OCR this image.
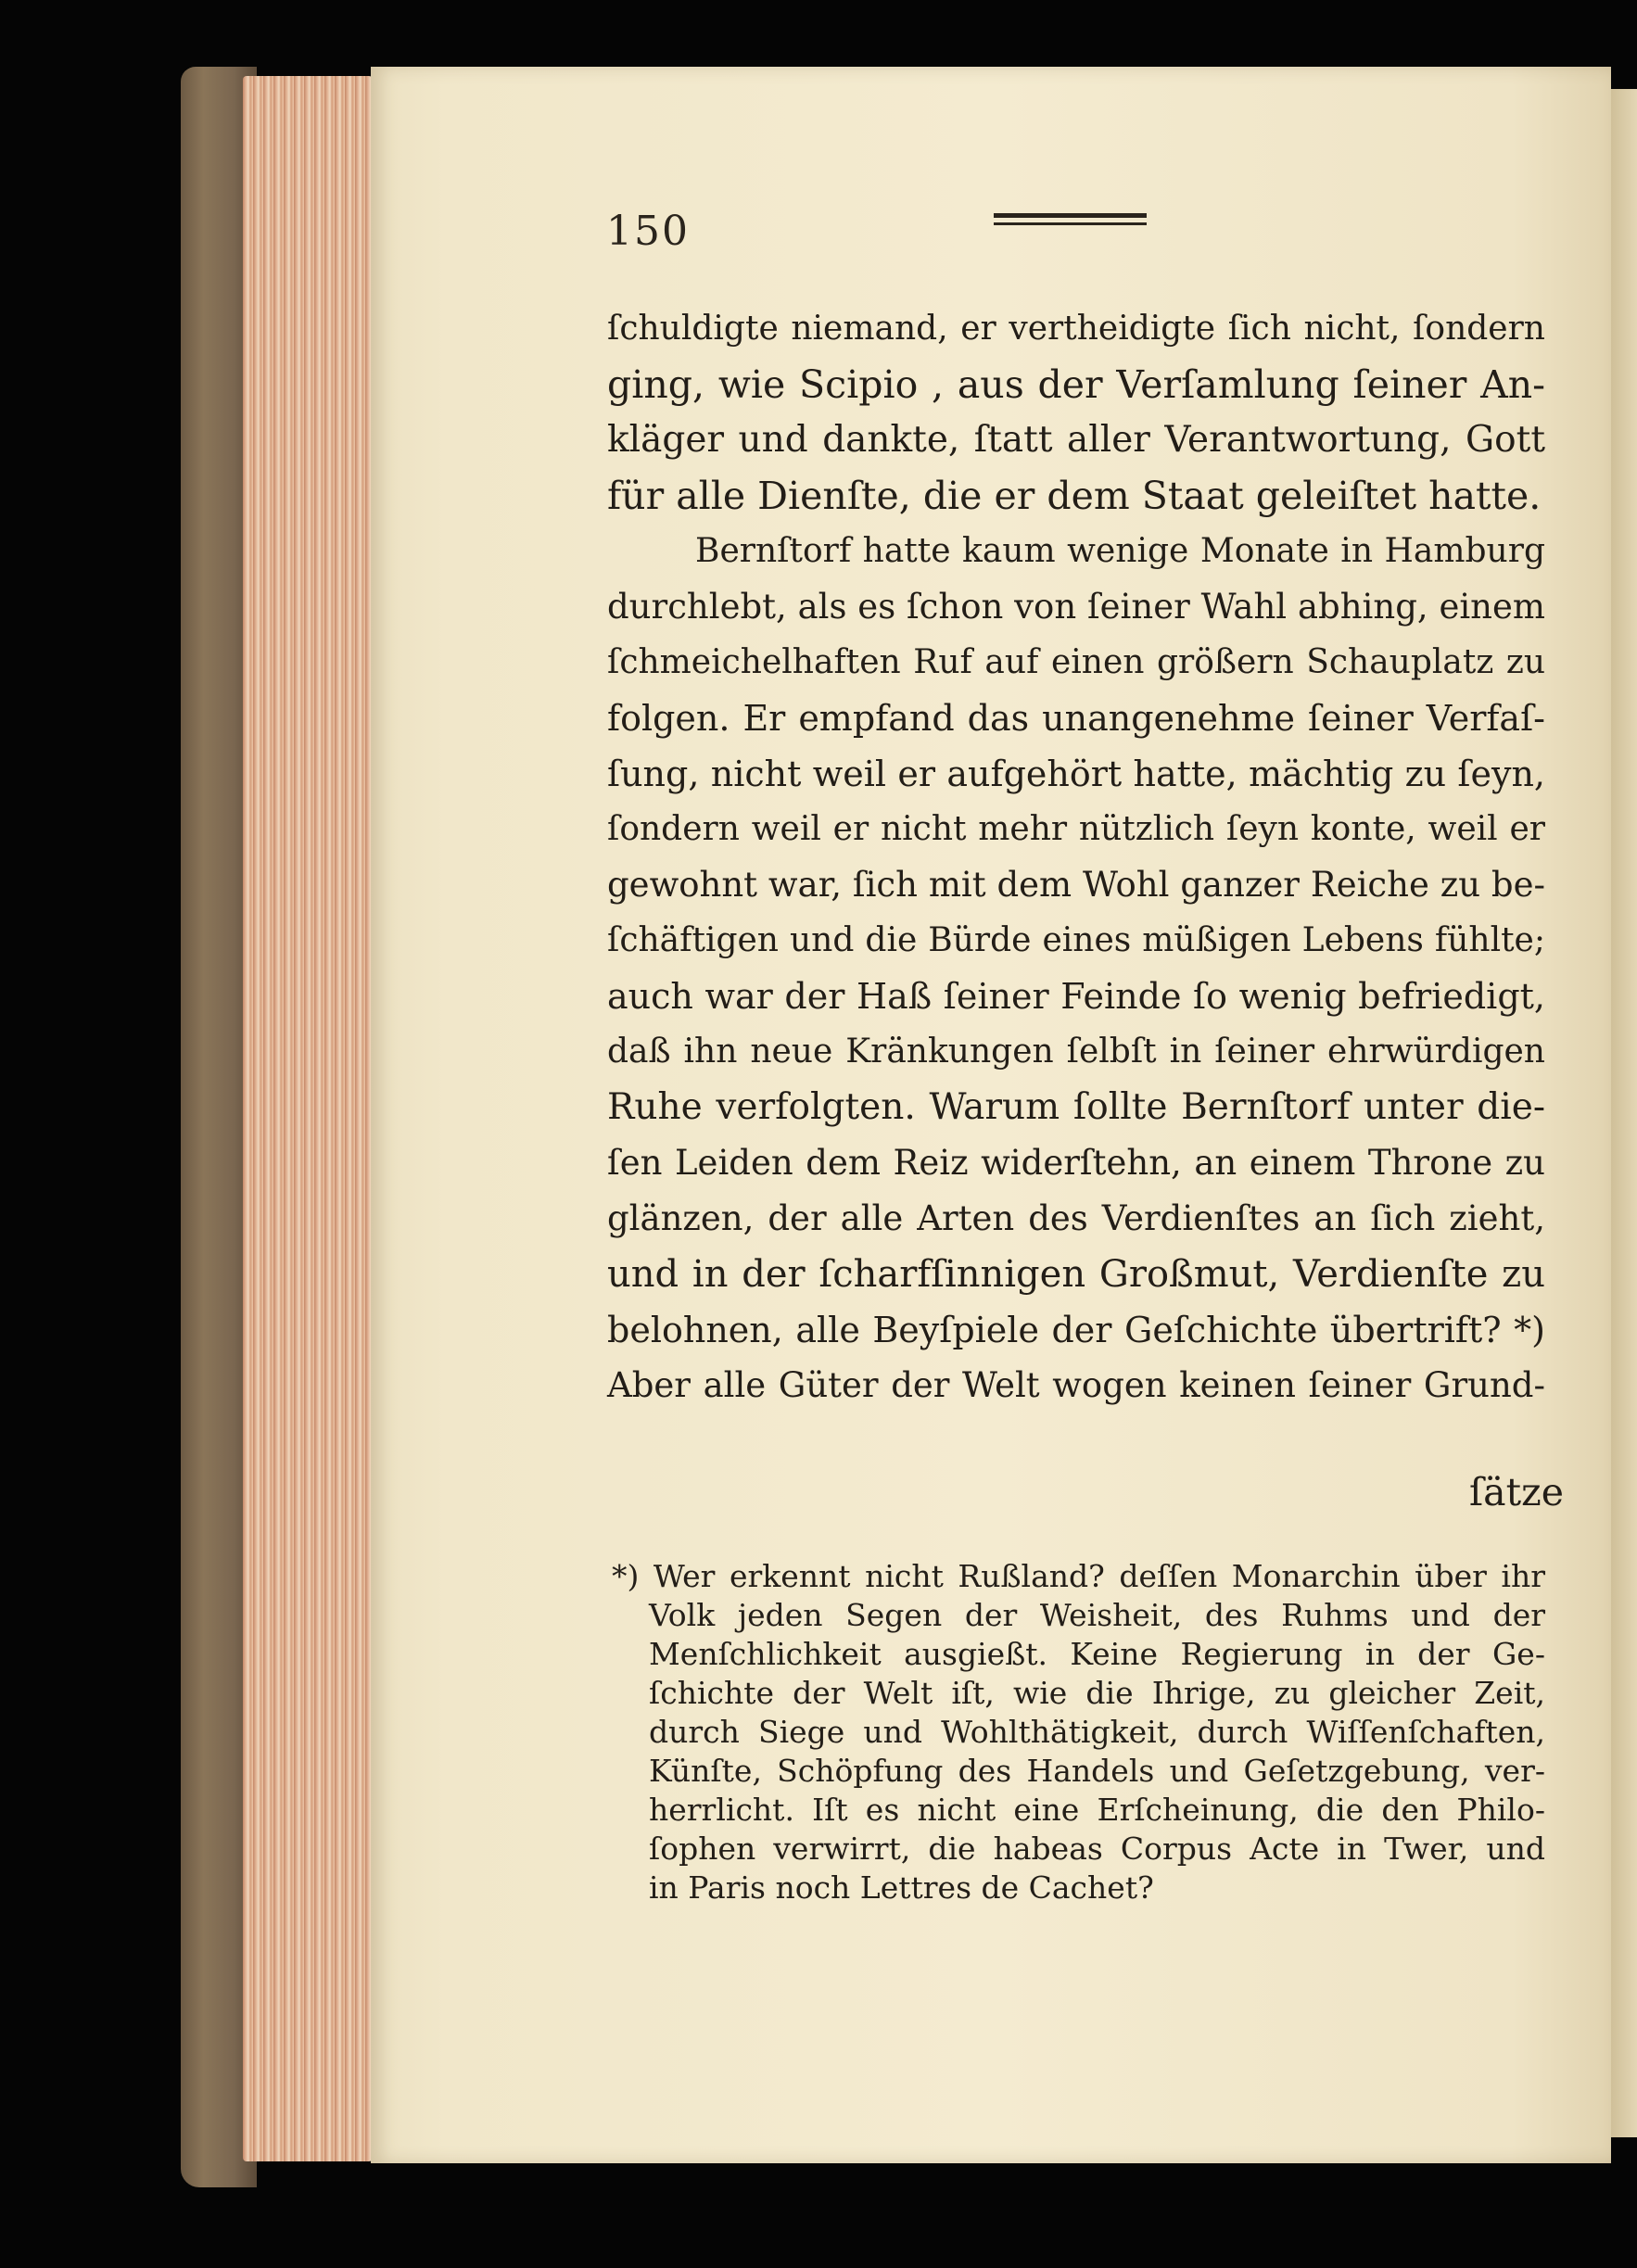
150
ſchuldigte niemand, er vertheidigte ſich nicht, ſondern
ging, wie Scipio , aus der Verſamlung ſeiner An-
kläger und dankte, ſtatt aller Verantwortung, Gott
für alle Dienſte, die er dem Staat geleiſtet hatte.
Bernſtorf hatte kaum wenige Monate in Hamburg
durchlebt, als es ſchon von ſeiner Wahl abhing, einem
ſchmeichelhaften Ruf auf einen größern Schauplatz zu
folgen. Er empfand das unangenehme ſeiner Verfaſ-
ſung, nicht weil er aufgehört hatte, mächtig zu ſeyn,
ſondern weil er nicht mehr nützlich ſeyn konte, weil er
gewohnt war, ſich mit dem Wohl ganzer Reiche zu be-
ſchäftigen und die Bürde eines müßigen Lebens fühlte;
auch war der Haß ſeiner Feinde ſo wenig befriedigt,
daß ihn neue Kränkungen ſelbſt in ſeiner ehrwürdigen
Ruhe verfolgten. Warum ſollte Bernſtorf unter die-
ſen Leiden dem Reiz widerſtehn, an einem Throne zu
glänzen, der alle Arten des Verdienſtes an ſich zieht,
und in der ſcharfſinnigen Großmut, Verdienſte zu
belohnen, alle Beyſpiele der Geſchichte übertrift? *)
Aber alle Güter der Welt wogen keinen ſeiner Grund-
ſätze
*) Wer erkennt nicht Rußland? deſſen Monarchin über ihr
Volk jeden Segen der Weisheit, des Ruhms und der
Menſchlichkeit ausgießt. Keine Regierung in der Ge-
ſchichte der Welt iſt, wie die Ihrige, zu gleicher Zeit,
durch Siege und Wohlthätigkeit, durch Wiſſenſchaften,
Künſte, Schöpfung des Handels und Geſetzgebung, ver-
herrlicht. Iſt es nicht eine Erſcheinung, die den Philo-
ſophen verwirrt, die habeas Corpus Acte in Twer, und
in Paris noch Lettres de Cachet?
